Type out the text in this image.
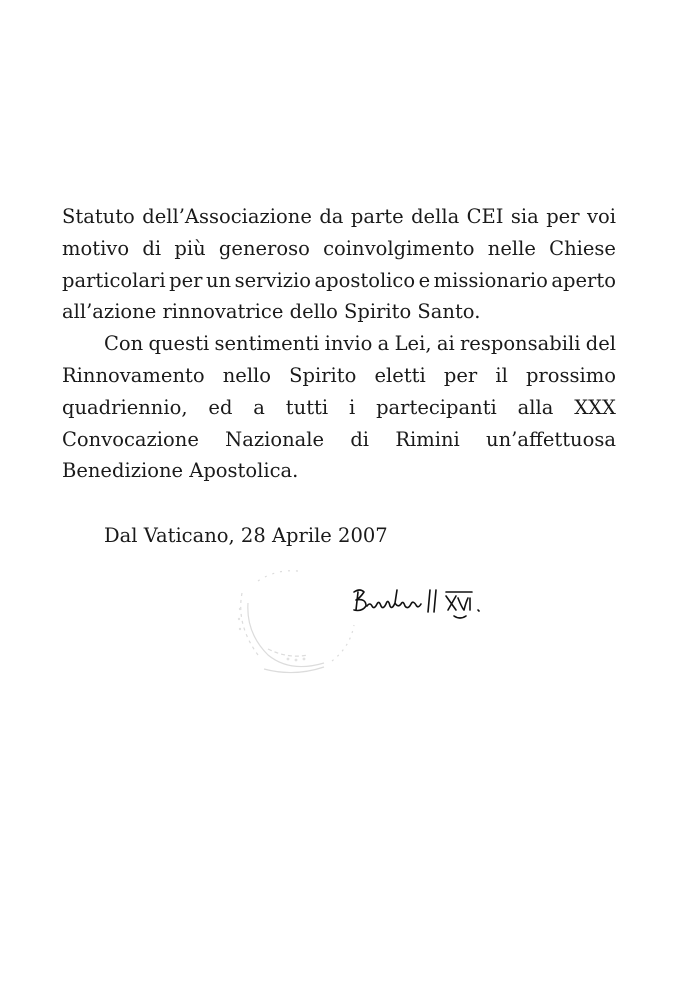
Statuto dell’Associazione da parte della CEI sia per voi
motivo di più generoso coinvolgimento nelle Chiese
particolari per un servizio apostolico e missionario aperto
all’azione rinnovatrice dello Spirito Santo.
Con questi sentimenti invio a Lei, ai responsabili del
Rinnovamento nello Spirito eletti per il prossimo
quadriennio, ed a tutti i partecipanti alla XXX
Convocazione Nazionale di Rimini un’affettuosa
Benedizione Apostolica.
Dal Vaticano, 28 Aprile 2007
